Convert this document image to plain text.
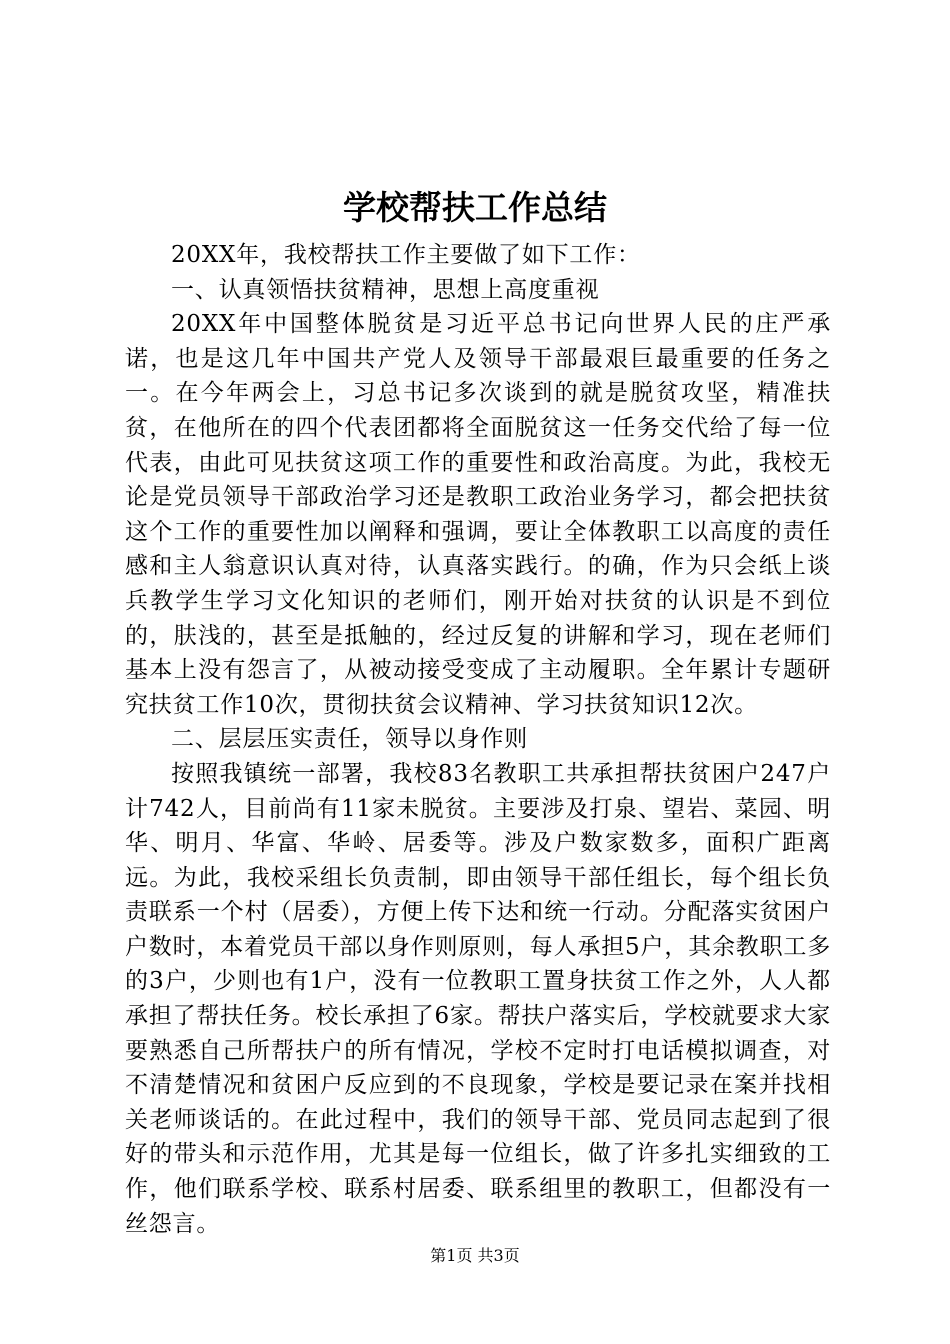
学校帮扶工作总结

20XX年，我校帮扶工作主要做了如下工作：

一、认真领悟扶贫精神，思想上高度重视

20XX年中国整体脱贫是习近平总书记向世界人民的庄严承诺，也是这几年中国共产党人及领导干部最艰巨最重要的任务之一。在今年两会上，习总书记多次谈到的就是脱贫攻坚，精准扶贫，在他所在的四个代表团都将全面脱贫这一任务交代给了每一位代表，由此可见扶贫这项工作的重要性和政治高度。为此，我校无论是党员领导干部政治学习还是教职工政治业务学习，都会把扶贫这个工作的重要性加以阐释和强调，要让全体教职工以高度的责任感和主人翁意识认真对待，认真落实践行。的确，作为只会纸上谈兵教学生学习文化知识的老师们，刚开始对扶贫的认识是不到位的，肤浅的，甚至是抵触的，经过反复的讲解和学习，现在老师们基本上没有怨言了，从被动接受变成了主动履职。全年累计专题研究扶贫工作10次，贯彻扶贫会议精神、学习扶贫知识12次。

二、层层压实责任，领导以身作则

按照我镇统一部署，我校83名教职工共承担帮扶贫困户247户计742人，目前尚有11家未脱贫。主要涉及打泉、望岩、菜园、明华、明月、华富、华岭、居委等。涉及户数家数多，面积广距离远。为此，我校采组长负责制，即由领导干部任组长，每个组长负责联系一个村（居委），方便上传下达和统一行动。分配落实贫困户户数时，本着党员干部以身作则原则，每人承担5户，其余教职工多的3户，少则也有1户，没有一位教职工置身扶贫工作之外，人人都承担了帮扶任务。校长承担了6家。帮扶户落实后，学校就要求大家要熟悉自己所帮扶户的所有情况，学校不定时打电话模拟调查，对不清楚情况和贫困户反应到的不良现象，学校是要记录在案并找相关老师谈话的。在此过程中，我们的领导干部、党员同志起到了很好的带头和示范作用，尤其是每一位组长，做了许多扎实细致的工作，他们联系学校、联系村居委、联系组里的教职工，但都没有一丝怨言。

第1页 共3页
